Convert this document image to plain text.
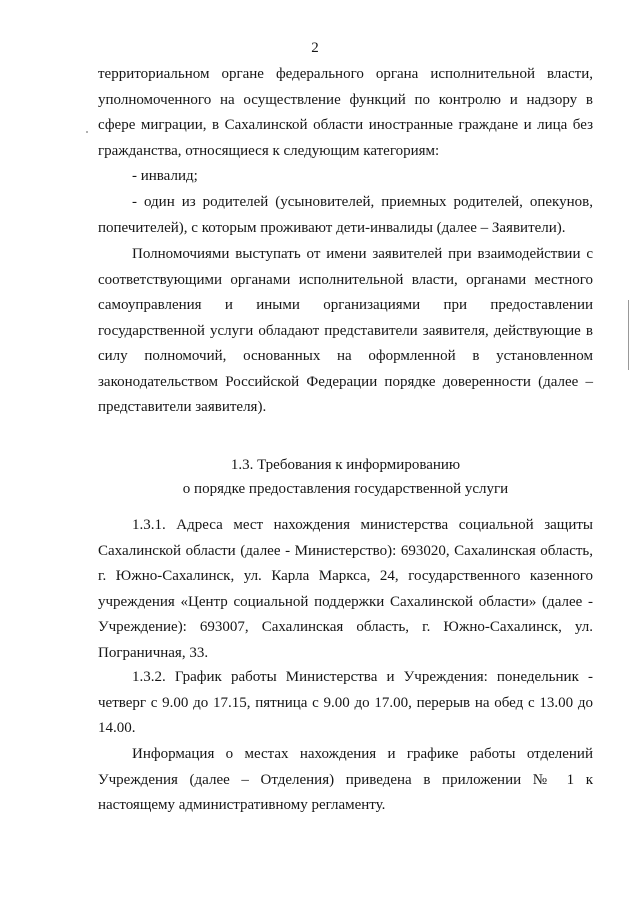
2

территориальном органе федерального органа исполнительной власти, уполномоченного на осуществление функций по контролю и надзору в сфере миграции, в Сахалинской области иностранные граждане и лица без гражданства, относящиеся к следующим категориям:

- инвалид;

- один из родителей (усыновителей, приемных родителей, опекунов, попечителей), с которым проживают дети-инвалиды (далее – Заявители).

Полномочиями выступать от имени заявителей при взаимодействии с соответствующими органами исполнительной власти, органами местного самоуправления и иными организациями при предоставлении государственной услуги обладают представители заявителя, действующие в силу полномочий, основанных на оформленной в установленном законодательством Российской Федерации порядке доверенности (далее – представители заявителя).

1.3. Требования к информированию

о порядке предоставления государственной услуги

1.3.1. Адреса мест нахождения министерства социальной защиты Сахалинской области (далее - Министерство): 693020, Сахалинская область, г. Южно-Сахалинск, ул. Карла Маркса, 24, государственного казенного учреждения «Центр социальной поддержки Сахалинской области» (далее - Учреждение): 693007, Сахалинская область, г. Южно-Сахалинск, ул. Пограничная, 33.

1.3.2. График работы Министерства и Учреждения: понедельник - четверг с 9.00 до 17.15, пятница с 9.00 до 17.00, перерыв на обед с 13.00 до 14.00.

Информация о местах нахождения и графике работы отделений Учреждения (далее – Отделения) приведена в приложении № 1 к настоящему административному регламенту.
